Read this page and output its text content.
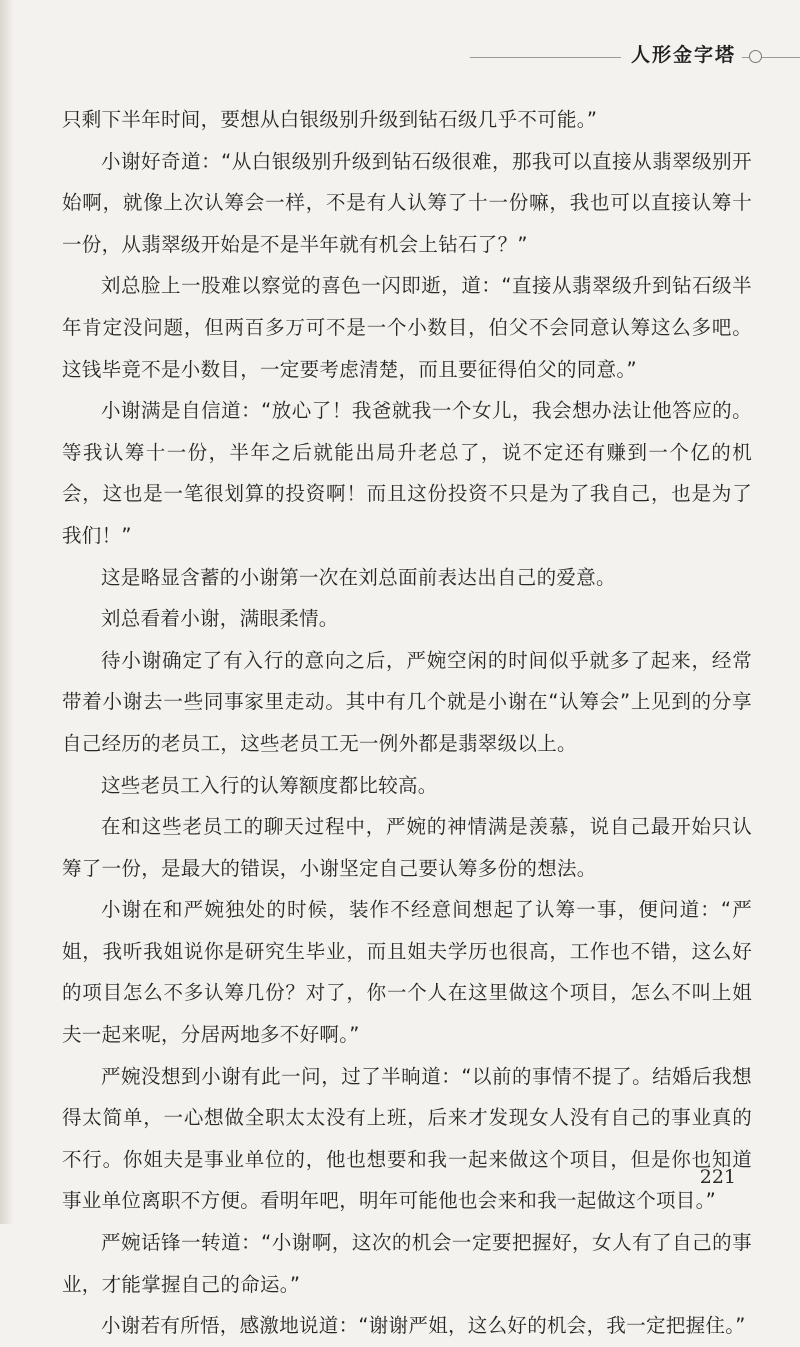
人形金字塔

只剩下半年时间，要想从白银级别升级到钻石级几乎不可能。”

小谢好奇道：“从白银级别升级到钻石级很难，那我可以直接从翡翠级别开始啊，就像上次认筹会一样，不是有人认筹了十一份嘛，我也可以直接认筹十一份，从翡翠级开始是不是半年就有机会上钻石了？”

刘总脸上一股难以察觉的喜色一闪即逝，道：“直接从翡翠级升到钻石级半年肯定没问题，但两百多万可不是一个小数目，伯父不会同意认筹这么多吧。这钱毕竟不是小数目，一定要考虑清楚，而且要征得伯父的同意。”

小谢满是自信道：“放心了！我爸就我一个女儿，我会想办法让他答应的。等我认筹十一份，半年之后就能出局升老总了，说不定还有赚到一个亿的机会，这也是一笔很划算的投资啊！而且这份投资不只是为了我自己，也是为了我们！”

这是略显含蓄的小谢第一次在刘总面前表达出自己的爱意。

刘总看着小谢，满眼柔情。

待小谢确定了有入行的意向之后，严婉空闲的时间似乎就多了起来，经常带着小谢去一些同事家里走动。其中有几个就是小谢在“认筹会”上见到的分享自己经历的老员工，这些老员工无一例外都是翡翠级以上。

这些老员工入行的认筹额度都比较高。

在和这些老员工的聊天过程中，严婉的神情满是羡慕，说自己最开始只认筹了一份，是最大的错误，小谢坚定自己要认筹多份的想法。

小谢在和严婉独处的时候，装作不经意间想起了认筹一事，便问道：“严姐，我听我姐说你是研究生毕业，而且姐夫学历也很高，工作也不错，这么好的项目怎么不多认筹几份？对了，你一个人在这里做这个项目，怎么不叫上姐夫一起来呢，分居两地多不好啊。”

严婉没想到小谢有此一问，过了半晌道：“以前的事情不提了。结婚后我想得太简单，一心想做全职太太没有上班，后来才发现女人没有自己的事业真的不行。你姐夫是事业单位的，他也想要和我一起来做这个项目，但是你也知道事业单位离职不方便。看明年吧，明年可能他也会来和我一起做这个项目。”

严婉话锋一转道：“小谢啊，这次的机会一定要把握好，女人有了自己的事业，才能掌握自己的命运。”

小谢若有所悟，感激地说道：“谢谢严姐，这么好的机会，我一定把握住。”

221
